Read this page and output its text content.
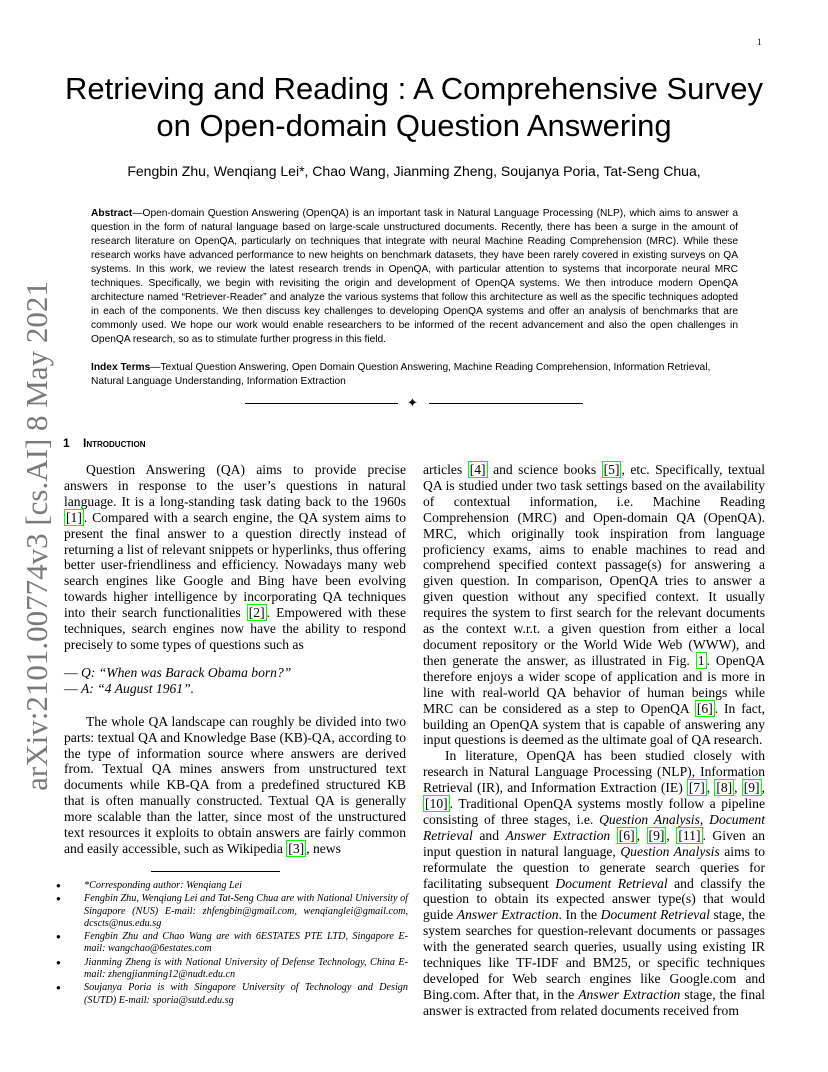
1
arXiv:2101.00774v3 [cs.AI] 8 May 2021
Retrieving and Reading : A Comprehensive Survey on Open-domain Question Answering
Fengbin Zhu, Wenqiang Lei*, Chao Wang, Jianming Zheng, Soujanya Poria, Tat-Seng Chua,
Abstract—Open-domain Question Answering (OpenQA) is an important task in Natural Language Processing (NLP), which aims to answer a question in the form of natural language based on large-scale unstructured documents. Recently, there has been a surge in the amount of research literature on OpenQA, particularly on techniques that integrate with neural Machine Reading Comprehension (MRC). While these research works have advanced performance to new heights on benchmark datasets, they have been rarely covered in existing surveys on QA systems. In this work, we review the latest research trends in OpenQA, with particular attention to systems that incorporate neural MRC techniques. Specifically, we begin with revisiting the origin and development of OpenQA systems. We then introduce modern OpenQA architecture named “Retriever-Reader” and analyze the various systems that follow this architecture as well as the specific techniques adopted in each of the components. We then discuss key challenges to developing OpenQA systems and offer an analysis of benchmarks that are commonly used. We hope our work would enable researchers to be informed of the recent advancement and also the open challenges in OpenQA research, so as to stimulate further progress in this field.
Index Terms—Textual Question Answering, Open Domain Question Answering, Machine Reading Comprehension, Information Retrieval, Natural Language Understanding, Information Extraction
✦
1 Introduction

Question Answering (QA) aims to provide precise answers in response to the user’s questions in natural language. It is a long-standing task dating back to the 1960s [1] . Compared with a search engine, the QA system aims to present the final answer to a question directly instead of returning a list of relevant snippets or hyperlinks, thus offering better user-friendliness and efficiency. Nowadays many web search engines like Google and Bing have been evolving towards higher intelligence by incorporating QA techniques into their search functionalities [2] . Empowered with these techniques, search engines now have the ability to respond precisely to some types of questions such as

— Q: “When was Barack Obama born?”

— A: “4 August 1961”.

The whole QA landscape can roughly be divided into two parts: textual QA and Knowledge Base (KB)-QA, according to the type of information source where answers are derived from. Textual QA mines answers from unstructured text documents while KB-QA from a predefined structured KB that is often manually constructed. Textual QA is generally more scalable than the latter, since most of the unstructured text resources it exploits to obtain answers are fairly common and easily accessible, such as Wikipedia [3] , news

●	*Corresponding author: Wenqiang Lei
●	Fengbin Zhu, Wenqiang Lei and Tat-Seng Chua are with National University of Singapore (NUS) E-mail: zhfengbin@gmail.com, wenqianglei@gmail.com, dcscts@nus.edu.sg
●	Fengbin Zhu and Chao Wang are with 6ESTATES PTE LTD, Singapore E-mail: wangchao@6estates.com
●	Jianming Zheng is with National University of Defense Technology, China E-mail: zhengjianming12@nudt.edu.cn
●	Soujanya Poria is with Singapore University of Technology and Design (SUTD) E-mail: sporia@sutd.edu.sg

articles [4] and science books [5] , etc. Specifically, textual QA is studied under two task settings based on the availability of contextual information, i.e. Machine Reading Comprehension (MRC) and Open-domain QA (OpenQA). MRC, which originally took inspiration from language proficiency exams, aims to enable machines to read and comprehend specified context passage(s) for answering a given question. In comparison, OpenQA tries to answer a given question without any specified context. It usually requires the system to first search for the relevant documents as the context w.r.t. a given question from either a local document repository or the World Wide Web (WWW), and then generate the answer, as illustrated in Fig. 1 . OpenQA therefore enjoys a wider scope of application and is more in line with real-world QA behavior of human beings while MRC can be considered as a step to OpenQA [6] . In fact, building an OpenQA system that is capable of answering any input questions is deemed as the ultimate goal of QA research.

In literature, OpenQA has been studied closely with research in Natural Language Processing (NLP), Information Retrieval (IR), and Information Extraction (IE) [7] , [8] , [9] , [10] . Traditional OpenQA systems mostly follow a pipeline consisting of three stages, i.e. Question Analysis, Document Retrieval and Answer Extraction [6] , [9] , [11] . Given an input question in natural language, Question Analysis aims to reformulate the question to generate search queries for facilitating subsequent Document Retrieval and classify the question to obtain its expected answer type(s) that would guide Answer Extraction. In the Document Retrieval stage, the system searches for question-relevant documents or passages with the generated search queries, usually using existing IR techniques like TF-IDF and BM25, or specific techniques developed for Web search engines like Google.com and Bing.com. After that, in the Answer Extraction stage, the final answer is extracted from related documents received from
